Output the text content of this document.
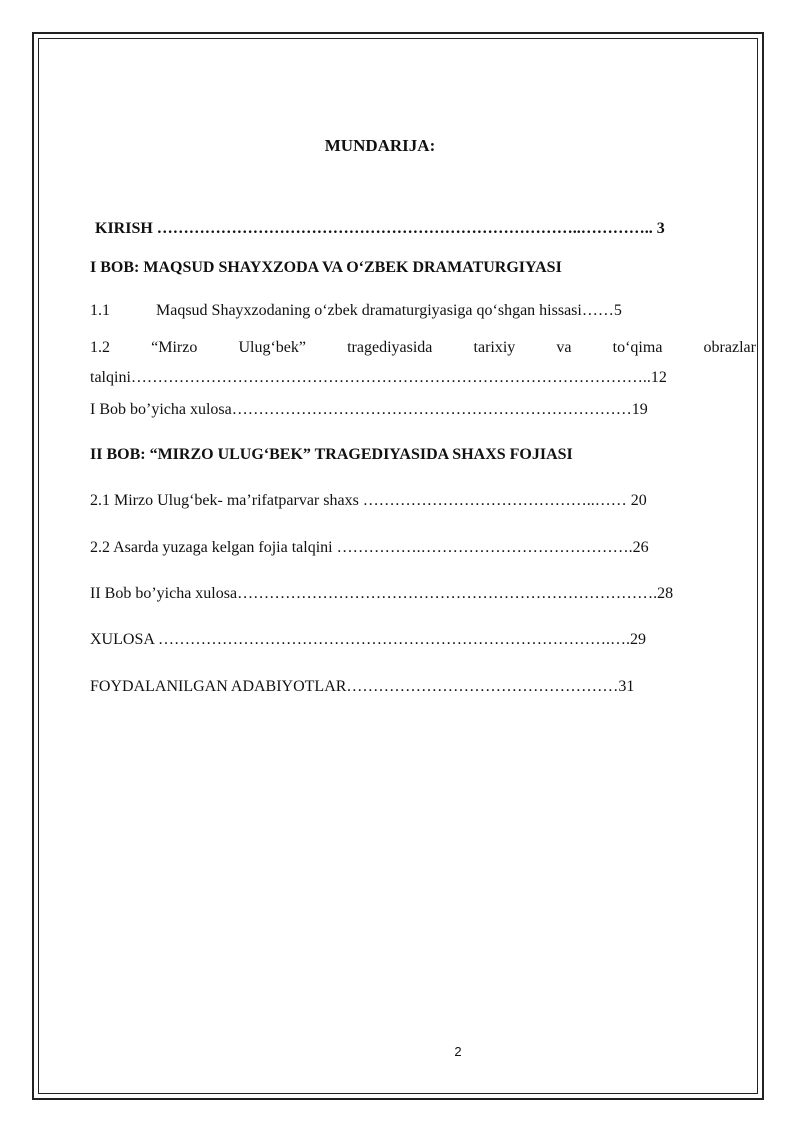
MUNDARIJA:
KIRISH ……………………………………………………………………..………….. 3
I BOB: MAQSUD SHAYXZODA VA O‘ZBEK DRAMATURGIYASI
1.1	Maqsud Shayxzodaning o‘zbek dramaturgiyasiga qo‘shgan hissasi……5
1.2	“Mirzo	Ulug‘bek”	tragediyasida	tarixiy	va	to‘qima	obrazlar
talqini……………………………………………………………………………………..12
I Bob bo’yicha xulosa…………………………………………………………………19
II BOB: “MIRZO ULUG‘BEK” TRAGEDIYASIDA SHAXS FOJIASI
2.1 Mirzo Ulug‘bek- ma’rifatparvar shaxs ……………………………………..…… 20
2.2 Asarda yuzaga kelgan fojia talqini …………….………………………………….26
II Bob bo’yicha xulosa…………………………………………………………………….28
XULOSA ………………………………………………………………………….….29
FOYDALANILGAN ADABIYOTLAR……………………………………………31
2
